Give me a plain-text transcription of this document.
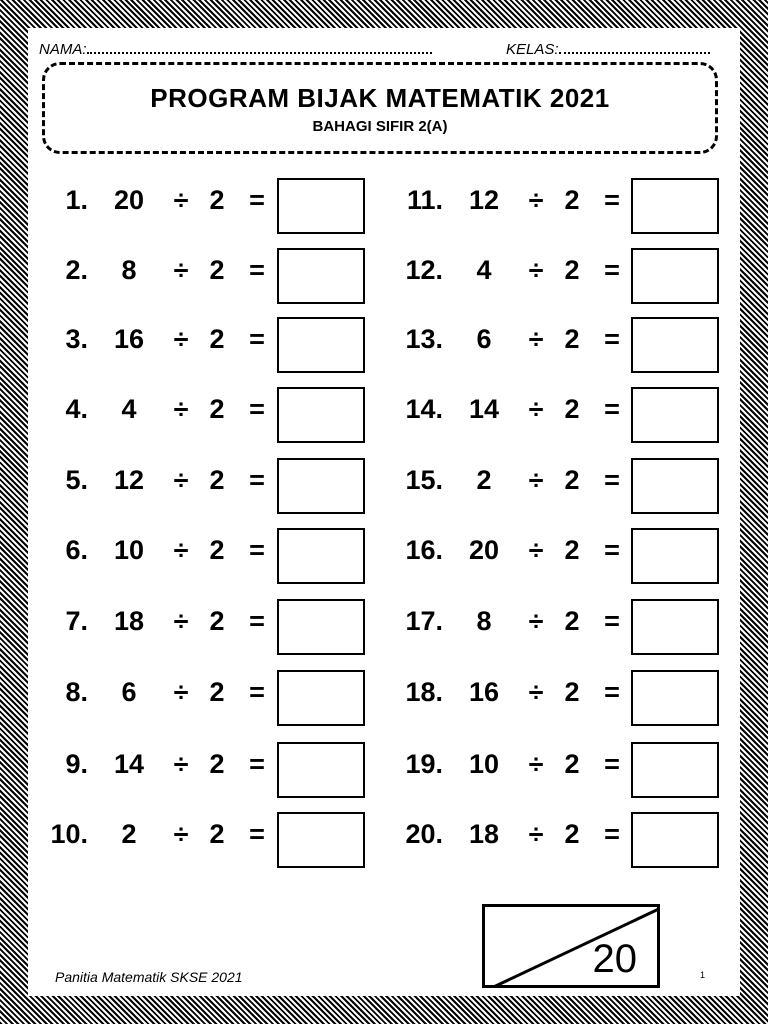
NAMA:	KELAS:
PROGRAM BIJAK MATEMATIK 2021
BAHAGI SIFIR 2(A)
1. 20 ÷ 2 =
2.	8	÷ 2 =
3. 16 ÷ 2 =
4.	4	÷ 2 =
5. 12 ÷ 2 =
6. 10 ÷ 2 =
7. 18 ÷ 2 =
8.	6	÷ 2 =
9. 14 ÷ 2 =
10.	2	÷ 2 =
11. 12 ÷ 2 =
12.	4	÷ 2 =
13.	6	÷ 2 =
14. 14 ÷ 2 =
15.	2	÷ 2 =
16. 20 ÷ 2 =
17.	8	÷ 2 =
18. 16 ÷ 2 =
19. 10 ÷ 2 =
20. 18 ÷ 2 =
20
Panitia Matematik SKSE 2021	1
